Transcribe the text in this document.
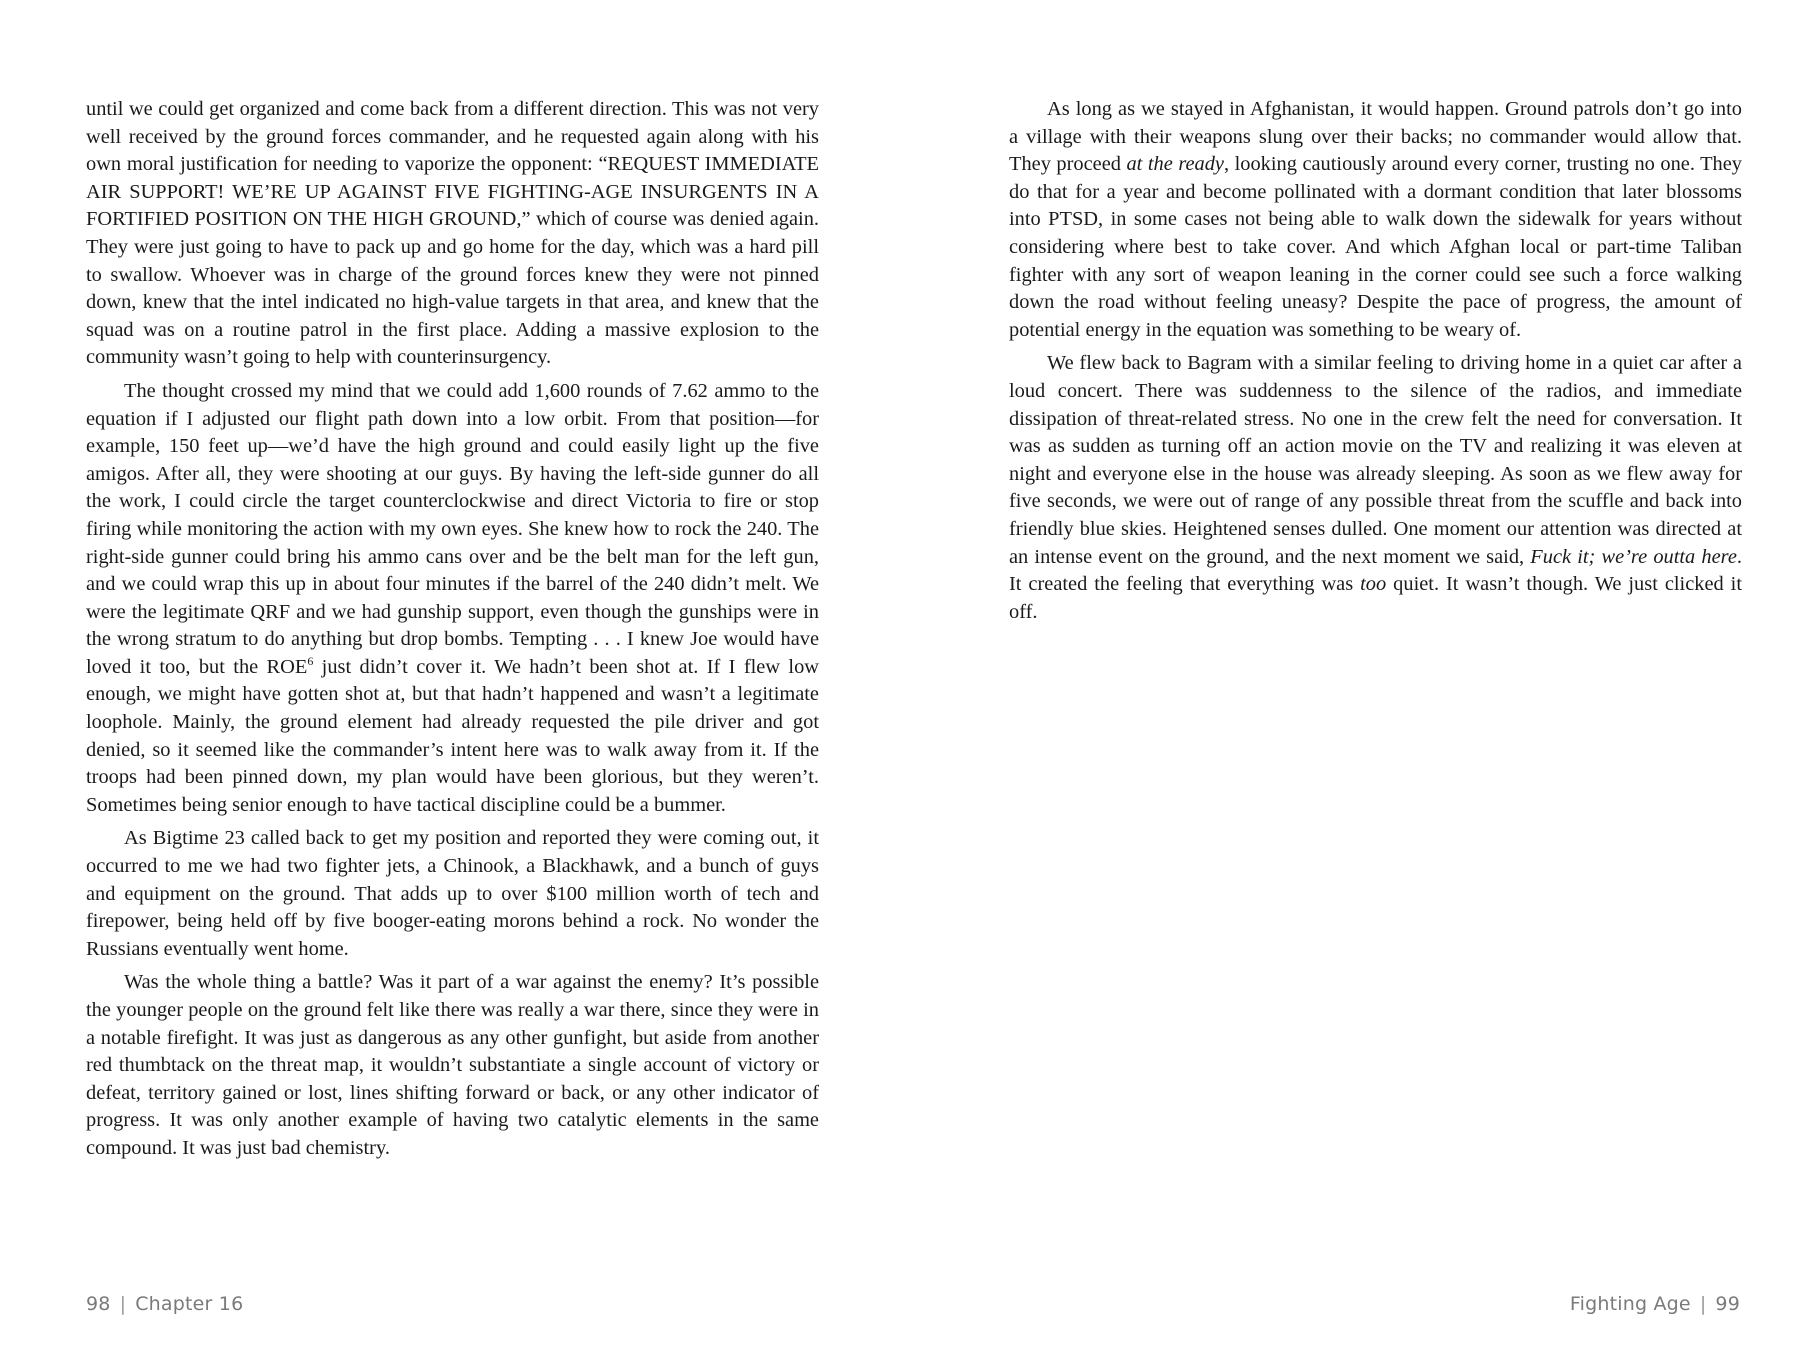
until we could get organized and come back from a different direction. This was not very well received by the ground forces commander, and he requested again along with his own moral justification for needing to vaporize the opponent: “REQUEST IMMEDIATE AIR SUPPORT! WE’RE UP AGAINST FIVE FIGHTING-AGE INSURGENTS IN A FORTIFIED POSITION ON THE HIGH GROUND,” which of course was denied again. They were just going to have to pack up and go home for the day, which was a hard pill to swallow. Whoever was in charge of the ground forces knew they were not pinned down, knew that the intel indicated no high-value targets in that area, and knew that the squad was on a routine patrol in the first place. Adding a massive explosion to the community wasn’t going to help with counterinsurgency.

The thought crossed my mind that we could add 1,600 rounds of 7.62 ammo to the equation if I adjusted our flight path down into a low orbit. From that position—for example, 150 feet up—we’d have the high ground and could easily light up the five amigos. After all, they were shooting at our guys. By having the left-side gunner do all the work, I could circle the target counterclockwise and direct Victoria to fire or stop firing while monitoring the action with my own eyes. She knew how to rock the 240. The right-side gunner could bring his ammo cans over and be the belt man for the left gun, and we could wrap this up in about four minutes if the barrel of the 240 didn’t melt. We were the legitimate QRF and we had gunship support, even though the gunships were in the wrong stratum to do anything but drop bombs. Tempting . . . I knew Joe would have loved it too, but the ROE$^6$ just didn’t cover it. We hadn’t been shot at. If I flew low enough, we might have gotten shot at, but that hadn’t happened and wasn’t a legitimate loophole. Mainly, the ground element had already requested the pile driver and got denied, so it seemed like the commander’s intent here was to walk away from it. If the troops had been pinned down, my plan would have been glorious, but they weren’t. Sometimes being senior enough to have tactical discipline could be a bummer.

As Bigtime 23 called back to get my position and reported they were coming out, it occurred to me we had two fighter jets, a Chinook, a Blackhawk, and a bunch of guys and equipment on the ground. That adds up to over $100 million worth of tech and firepower, being held off by five booger-eating morons behind a rock. No wonder the Russians eventually went home.

Was the whole thing a battle? Was it part of a war against the enemy? It’s possible the younger people on the ground felt like there was really a war there, since they were in a notable firefight. It was just as dangerous as any other gunfight, but aside from another red thumbtack on the threat map, it wouldn’t substantiate a single account of victory or defeat, territory gained or lost, lines shifting forward or back, or any other indicator of progress. It was only another example of having two catalytic elements in the same compound. It was just bad chemistry.

As long as we stayed in Afghanistan, it would happen. Ground patrols don’t go into a village with their weapons slung over their backs; no commander would allow that. They proceed at the ready, looking cautiously around every corner, trusting no one. They do that for a year and become pollinated with a dormant condition that later blossoms into PTSD, in some cases not being able to walk down the sidewalk for years without considering where best to take cover. And which Afghan local or part-time Taliban fighter with any sort of weapon leaning in the corner could see such a force walking down the road without feeling uneasy? Despite the pace of progress, the amount of potential energy in the equation was something to be weary of.

We flew back to Bagram with a similar feeling to driving home in a quiet car after a loud concert. There was suddenness to the silence of the radios, and immediate dissipation of threat-related stress. No one in the crew felt the need for conversation. It was as sudden as turning off an action movie on the TV and realizing it was eleven at night and everyone else in the house was already sleeping. As soon as we flew away for five seconds, we were out of range of any possible threat from the scuffle and back into friendly blue skies. Heightened senses dulled. One moment our attention was directed at an intense event on the ground, and the next moment we said, Fuck it; we’re outta here. It created the feeling that everything was too quiet. It wasn’t though. We just clicked it off.

98 | Chapter 16	Fighting Age | 99
